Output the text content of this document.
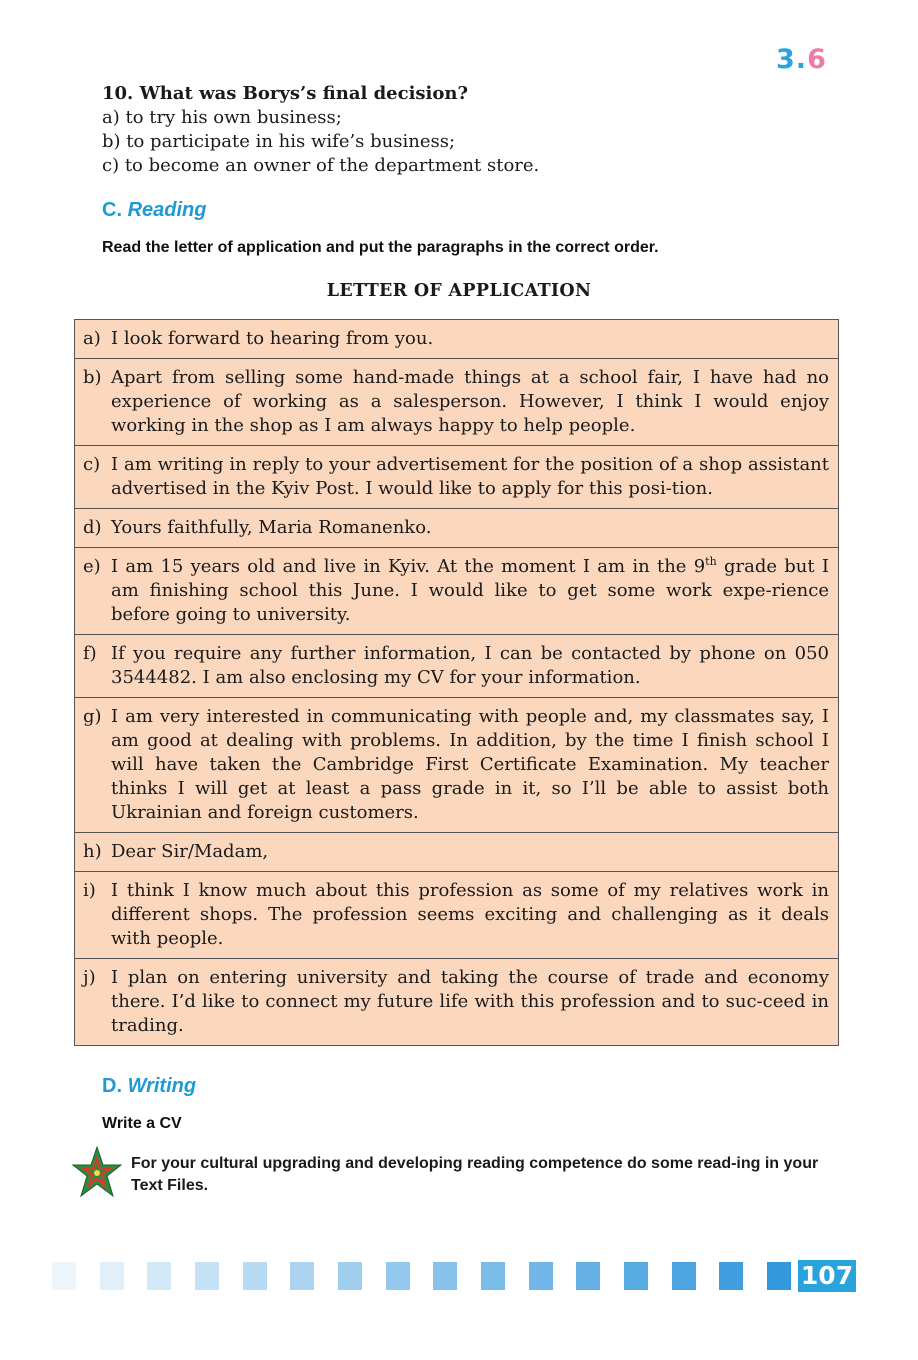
3.6
10. What was Borys’s final decision?
a) to try his own business;
b) to participate in his wife’s business;
c) to become an owner of the department store.
C. Reading
Read the letter of application and put the paragraphs in the correct order.
LETTER OF APPLICATION
a) I look forward to hearing from you.
b) Apart from selling some hand-made things at a school fair, I have had no experience of working as a salesperson. However, I think I would enjoy working in the shop as I am always happy to help people.
c) I am writing in reply to your advertisement for the position of a shop assistant advertised in the Kyiv Post. I would like to apply for this posi-tion.
d) Yours faithfully, Maria Romanenko.
e) I am 15 years old and live in Kyiv. At the moment I am in the 9th grade but I am finishing school this June. I would like to get some work expe-rience before going to university.
f) If you require any further information, I can be contacted by phone on 050 3544482. I am also enclosing my CV for your information.
g) I am very interested in communicating with people and, my classmates say, I am good at dealing with problems. In addition, by the time I finish school I will have taken the Cambridge First Certificate Examination. My teacher thinks I will get at least a pass grade in it, so I’ll be able to assist both Ukrainian and foreign customers.
h) Dear Sir/Madam,
i) I think I know much about this profession as some of my relatives work in different shops. The profession seems exciting and challenging as it deals with people.
j) I plan on entering university and taking the course of trade and economy there. I’d like to connect my future life with this profession and to suc-ceed in trading.
D. Writing
Write a CV
For your cultural upgrading and developing reading competence do some read-ing in your Text Files.
107
